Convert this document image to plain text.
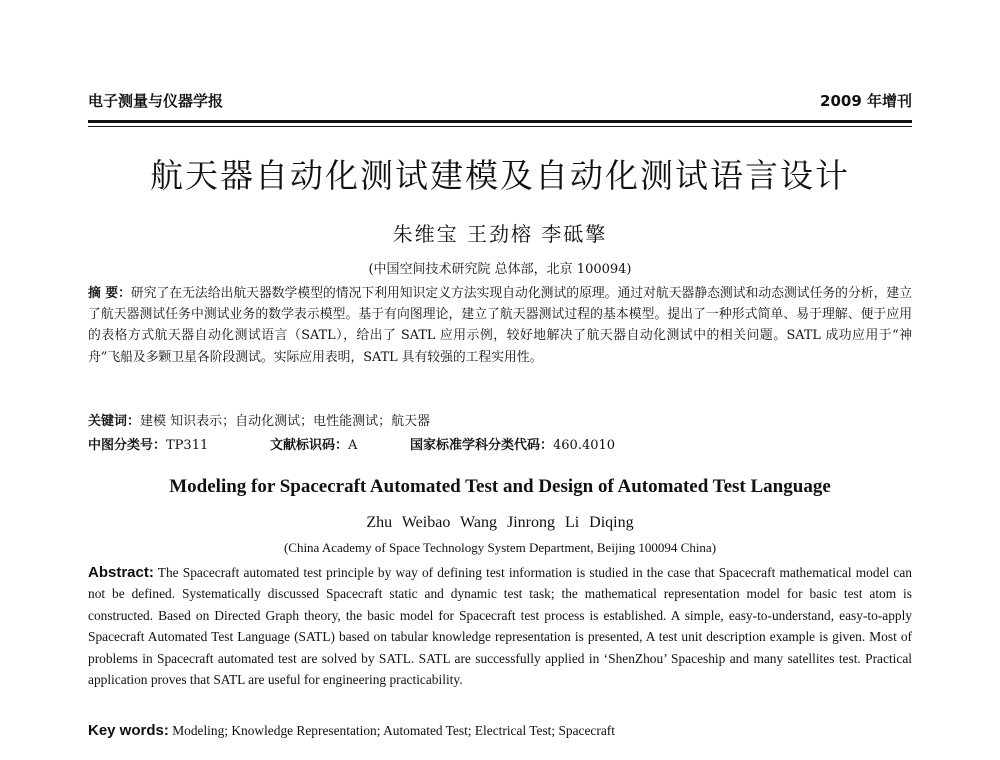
电子测量与仪器学报	2009 年增刊
航天器自动化测试建模及自动化测试语言设计
朱维宝 王劲榕 李砥擎
(中国空间技术研究院 总体部，北京 100094)
摘 要：研究了在无法给出航天器数学模型的情况下利用知识定义方法实现自动化测试的原理。通过对航天器静态测试和动态测试任务的分析，建立了航天器测试任务中测试业务的数学表示模型。基于有向图理论，建立了航天器测试过程的基本模型。提出了一种形式简单、易于理解、便于应用的表格方式航天器自动化测试语言（SATL），给出了 SATL 应用示例，较好地解决了航天器自动化测试中的相关问题。SATL 成功应用于“神舟”飞船及多颗卫星各阶段测试。实际应用表明，SATL 具有较强的工程实用性。
关键词：建模 知识表示；自动化测试；电性能测试；航天器
中图分类号：TP311	文献标识码：A	国家标准学科分类代码：460.4010
Modeling for Spacecraft Automated Test and Design of Automated Test Language
Zhu Weibao Wang Jinrong Li Diqing
(China Academy of Space Technology System Department, Beijing 100094 China)
Abstract: The Spacecraft automated test principle by way of defining test information is studied in the case that Spacecraft mathematical model can not be defined. Systematically discussed Spacecraft static and dynamic test task; the mathematical representation model for basic test atom is constructed. Based on Directed Graph theory, the basic model for Spacecraft test process is established. A simple, easy-to-understand, easy-to-apply Spacecraft Automated Test Language (SATL) based on tabular knowledge representation is presented, A test unit description example is given. Most of problems in Spacecraft automated test are solved by SATL. SATL are successfully applied in ‘ShenZhou’ Spaceship and many satellites test. Practical application proves that SATL are useful for engineering practicability.
Key words: Modeling; Knowledge Representation; Automated Test; Electrical Test; Spacecraft
